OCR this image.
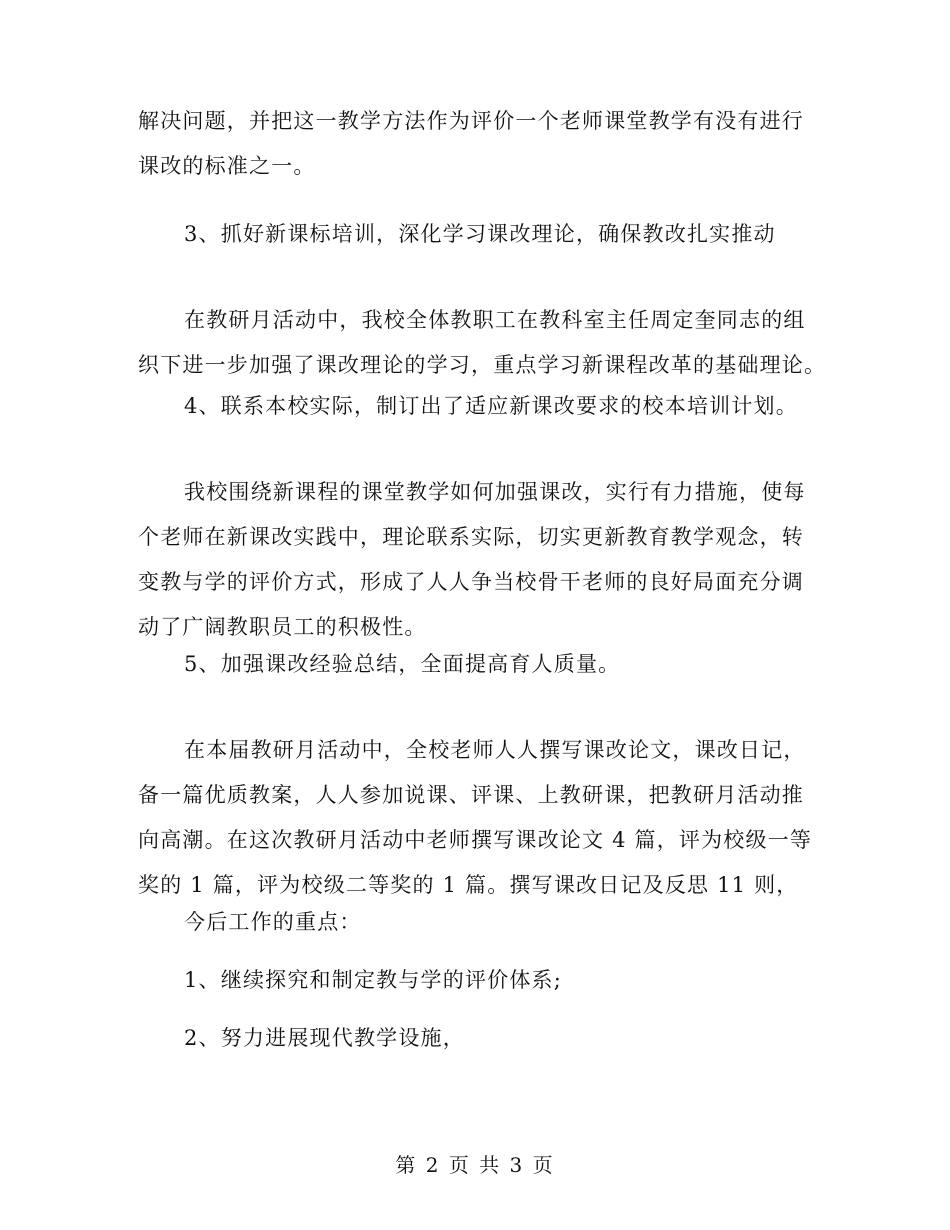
解决问题，并把这一教学方法作为评价一个老师课堂教学有没有进行
课改的标准之一。
3、抓好新课标培训，深化学习课改理论，确保教改扎实推动
在教研月活动中，我校全体教职工在教科室主任周定奎同志的组
织下进一步加强了课改理论的学习，重点学习新课程改革的基础理论。
4、联系本校实际，制订出了适应新课改要求的校本培训计划。
我校围绕新课程的课堂教学如何加强课改，实行有力措施，使每
个老师在新课改实践中，理论联系实际，切实更新教育教学观念，转
变教与学的评价方式，形成了人人争当校骨干老师的良好局面充分调
动了广阔教职员工的积极性。
5、加强课改经验总结，全面提高育人质量。
在本届教研月活动中，全校老师人人撰写课改论文，课改日记，
备一篇优质教案，人人参加说课、评课、上教研课，把教研月活动推
向高潮。在这次教研月活动中老师撰写课改论文 4 篇，评为校级一等
奖的 1 篇，评为校级二等奖的 1 篇。撰写课改日记及反思 11 则，
今后工作的重点：
1、继续探究和制定教与学的评价体系;
2、努力进展现代教学设施，
第 2 页 共 3 页
